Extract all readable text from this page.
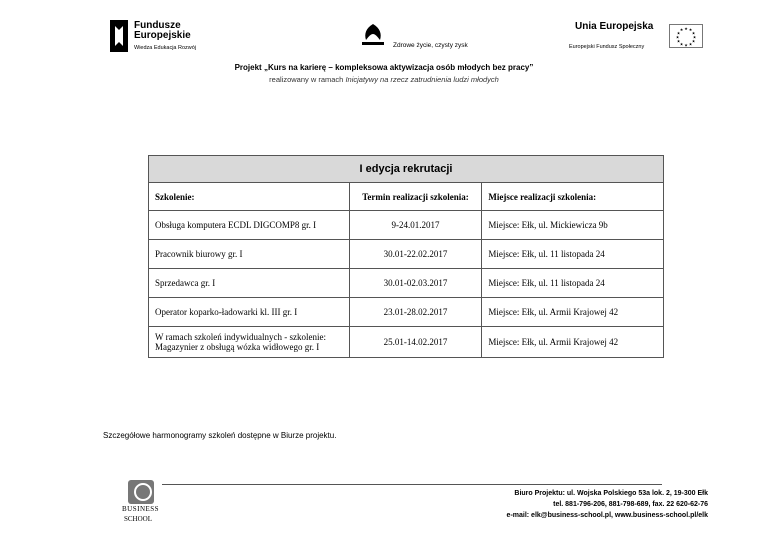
Fundusze
Europejskie
Wiedza Edukacja Rozwój	Zdrowe życie, czysty zysk
Unia Europejska
Europejski Fundusz Społeczny
★ ★
★
★
★
★
★
★
★
★
★
★
Projekt „Kurs na karierę – kompleksowa aktywizacja osób młodych bez pracy”
realizowany w ramach Inicjatywy na rzecz zatrudnienia ludzi młodych
I edycja rekrutacji		
Szkolenie:	Termin realizacji szkolenia:	Miejsce realizacji szkolenia:
Obsługa komputera ECDL DIGCOMP8 gr. I	9-24.01.2017	Miejsce: Ełk, ul. Mickiewicza 9b
Pracownik biurowy gr. I	30.01-22.02.2017	Miejsce: Ełk, ul. 11 listopada 24
Sprzedawca gr. I	30.01-02.03.2017	Miejsce: Ełk, ul. 11 listopada 24
Operator koparko-ładowarki kl. III gr. I	23.01-28.02.2017	Miejsce: Ełk, ul. Armii Krajowej 42
W ramach szkoleń indywidualnych - szkolenie: Magazynier z obsługą wózka widłowego gr. I	25.01-14.02.2017	Miejsce: Ełk, ul. Armii Krajowej 42
Szczegółowe harmonogramy szkoleń dostępne w Biurze projektu.
BUSINESS
SCHOOL
Biuro Projektu: ul. Wojska Polskiego 53a lok. 2, 19-300 Ełk
tel. 881-796-206, 881-798-689, fax. 22 620-62-76
e-mail: elk@business-school.pl, www.business-school.pl/elk
